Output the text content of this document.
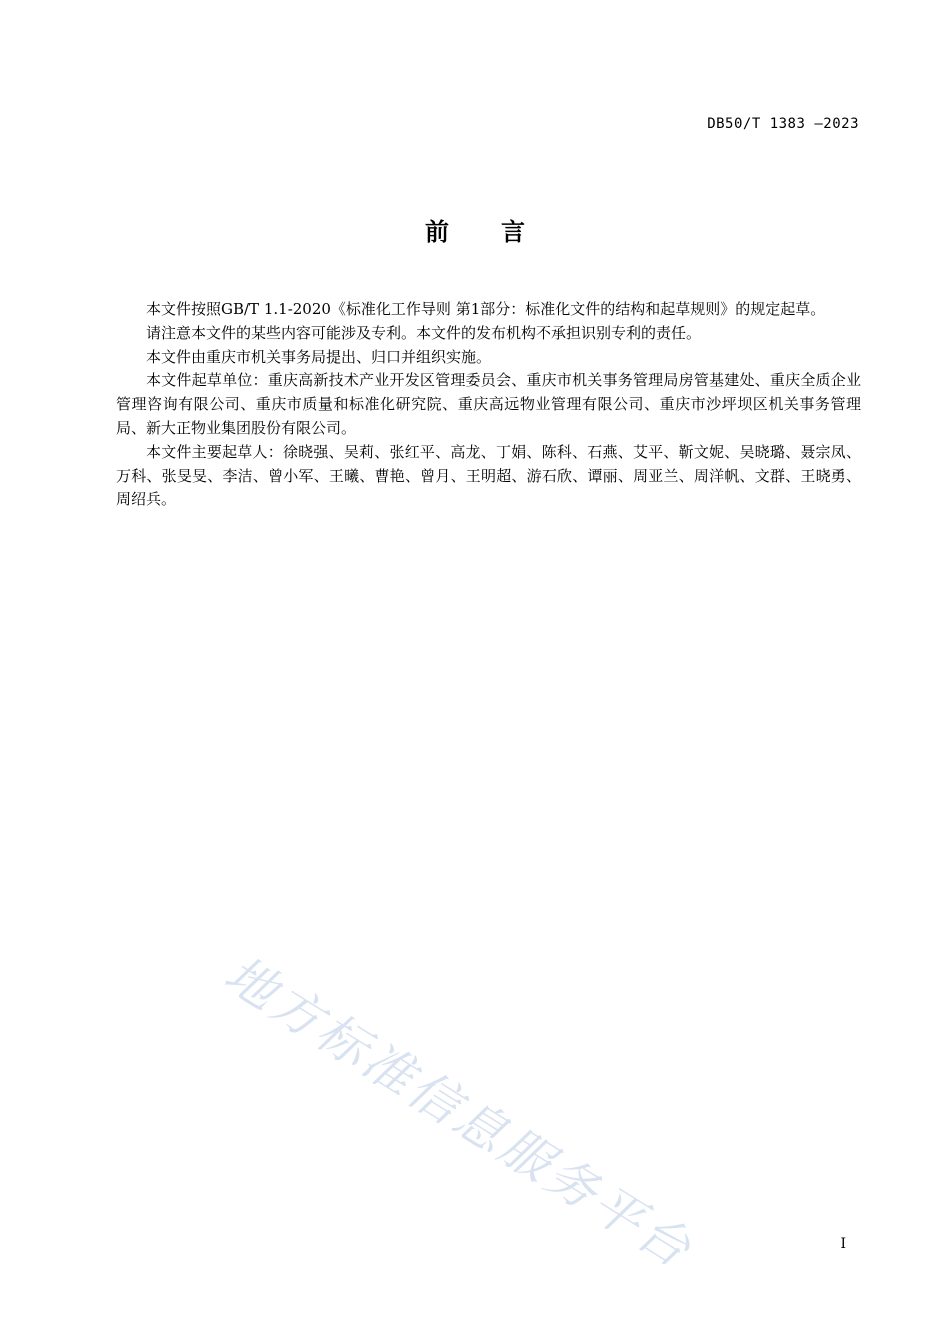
DB50/T 1383 —2023
前言

本文件按照GB/T 1.1-2020《标准化工作导则 第1部分：标准化文件的结构和起草规则》的规定起草。

请注意本文件的某些内容可能涉及专利。本文件的发布机构不承担识别专利的责任。

本文件由重庆市机关事务局提出、归口并组织实施。

本文件起草单位：重庆高新技术产业开发区管理委员会、重庆市机关事务管理局房管基建处、重庆全质企业管理咨询有限公司、重庆市质量和标准化研究院、重庆高远物业管理有限公司、重庆市沙坪坝区机关事务管理局、新大正物业集团股份有限公司。

本文件主要起草人：徐晓强、吴莉、张红平、高龙、丁娟、陈科、石燕、艾平、靳文妮、吴晓璐、聂宗凤、万科、张旻旻、李洁、曾小军、王曦、曹艳、曾月、王明超、游石欣、谭丽、周亚兰、周洋帆、文群、王晓勇、周绍兵。

地方标准信息服务平台	I
